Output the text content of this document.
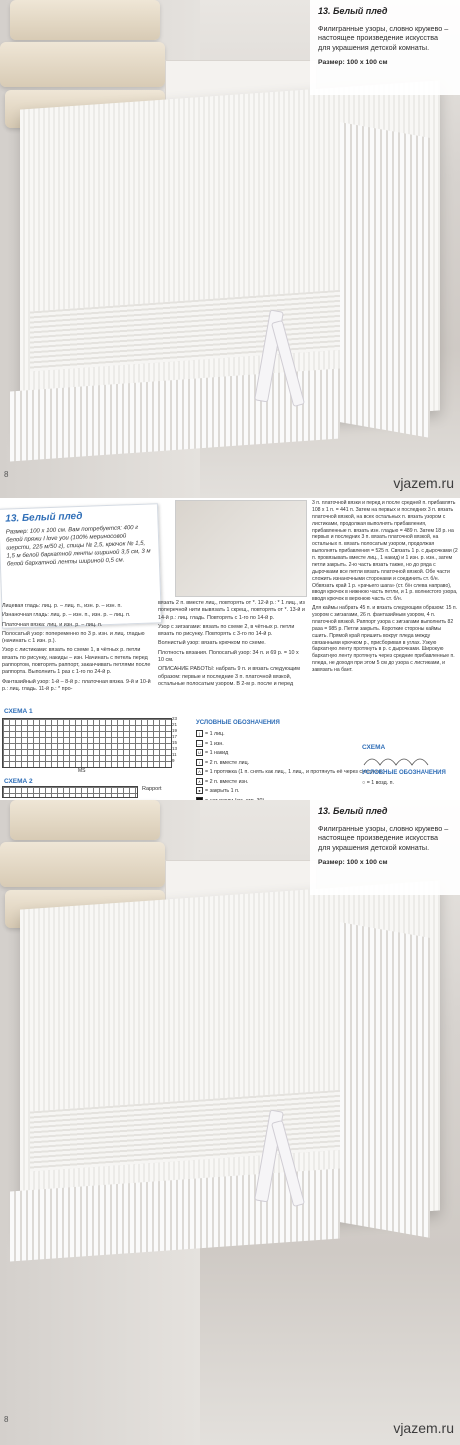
13. Белый плед

Филигранные узоры, словно кружево – настоящее произведение искусства для украшения детской комнаты.

Размер: 100 х 100 см

8
vjazem.ru

13. Белый плед

Размер: 100 х 100 см. Вам потребуется: 400 г белой пряжи I love you (100% мериносовой шерсти, 225 м/50 г), спицы № 2,5, крючок № 1,5, 1,5 м белой бархатной ленты шириной 3,5 см, 3 м белой бархатной ленты шириной 0,5 см.

Лицевая гладь: лиц. р. – лиц. п., изн. р. – изн. п.

Изнаночная гладь: лиц. р. – изн. п., изн. р. – лиц. п.

Платочная вязка: лиц. и изн. р. – лиц. п.

Полосатый узор: попеременно по 3 р. изн. и лиц. гладью (начинать с 1 изн. р.).

Узор с листиками: вязать по схеме 1, в чётных р. петли вязать по рисунку, накиды – изн. Начинать с петель перед раппортом, повторять раппорт, заканчивать петлями после раппорта. Выполнить 1 раз с 1-го по 24-й р.

Фантазийный узор: 1-й – 8-й р.: платочная вязка. 9-й и 10-й р.: лиц. гладь. 11-й р.: * про-

вязать 2 п. вместе лиц., повторять от *. 12-й р.: * 1 лиц., из поперечной нити вывязать 1 скрещ., повторять от *. 13-й и 14-й р.: лиц. гладь. Повторять с 1-го по 14-й р.

Узор с зигзагами: вязать по схеме 2, в чётных р. петли вязать по рисунку. Повторять с 3-го по 14-й р.

Волнистый узор: вязать крючком по схеме.

Плотность вязания. Полосатый узор: 34 п. и 69 р. = 10 х 10 см.

ОПИСАНИЕ РАБОТЫ: набрать 9 п. и вязать следующим образом: первые и последние 3 п. платочной вязкой, остальные полосатым узором. В 2-м р. после и перед

3 п. платочной вязки и перед и после средней п. прибавлять 108 х 1 п. = 441 п. Затем на первых и последних 3 п. вязать платочной вязкой, на всех остальных п. вязать узором с листиками, продолжая выполнять прибавления, прибавленные п. вязать изн. гладью = 489 п. Затем 18 р. на первых и последних 3 п. вязать платочной вязкой, на остальных п. вязать полосатым узором, продолжая выполнять прибавления = 525 п. Связать 1 р. с дырочками (2 п. провязывать вместе лиц., 1 накид) и 1 изн. р. изн., затем петли закрыть. 2-ю часть вязать также, но до ряда с дырочками все петли вязать платочной вязкой. Обе части сложить изнаночными сторонами и соединить ст. б/н. Обвязать край 1 р. «рачьего шага» (ст. б/н слева направо), вводя крючок в нижнюю часть петли, и 1 р. волнистого узора, вводя крючок в верхнюю часть ст. б/н.

Для каймы набрать 45 п. и вязать следующим образом: 15 п. узором с зигзагами, 26 п. фантазийным узором, 4 п. платочной вязкой. Раппорт узора с зигзагами выполнить 82 раза = 985 р. Петли закрыть. Короткие стороны каймы сшить. Прямой край пришить вокруг пледа между связанными крючком р., присборивая в углах. Узкую бархатную ленту протянуть в р. с дырочками. Широкую бархатную ленту протянуть через средние прибавленные п. пледа, не доходя при этом 5 см до узора с листиками, и завязать на бант.

СХЕМА 1
23
21
19
17
15
13
11
9
MS
СХЕМА 2
Rapport
УСЛОВНЫЕ ОБОЗНАЧЕНИЯ
| = 1 лиц.
— = 1 изн.
U = 1 накид
/ = 2 п. вместе лиц.
Λ = 1 протяжка (1 п. снять как лиц., 1 лиц., и протянуть её через снятую п.)
∧ = 2 п. вместе изн.
● = закрыть 1 п.
СХЕМА
УСЛОВНЫЕ ОБОЗНАЧЕНИЯ
○ = 1 возд. п.

13. Белый плед

Филигранные узоры, словно кружево – настоящее произведение искусства для украшения детской комнаты.

Размер: 100 х 100 см

8
vjazem.ru
